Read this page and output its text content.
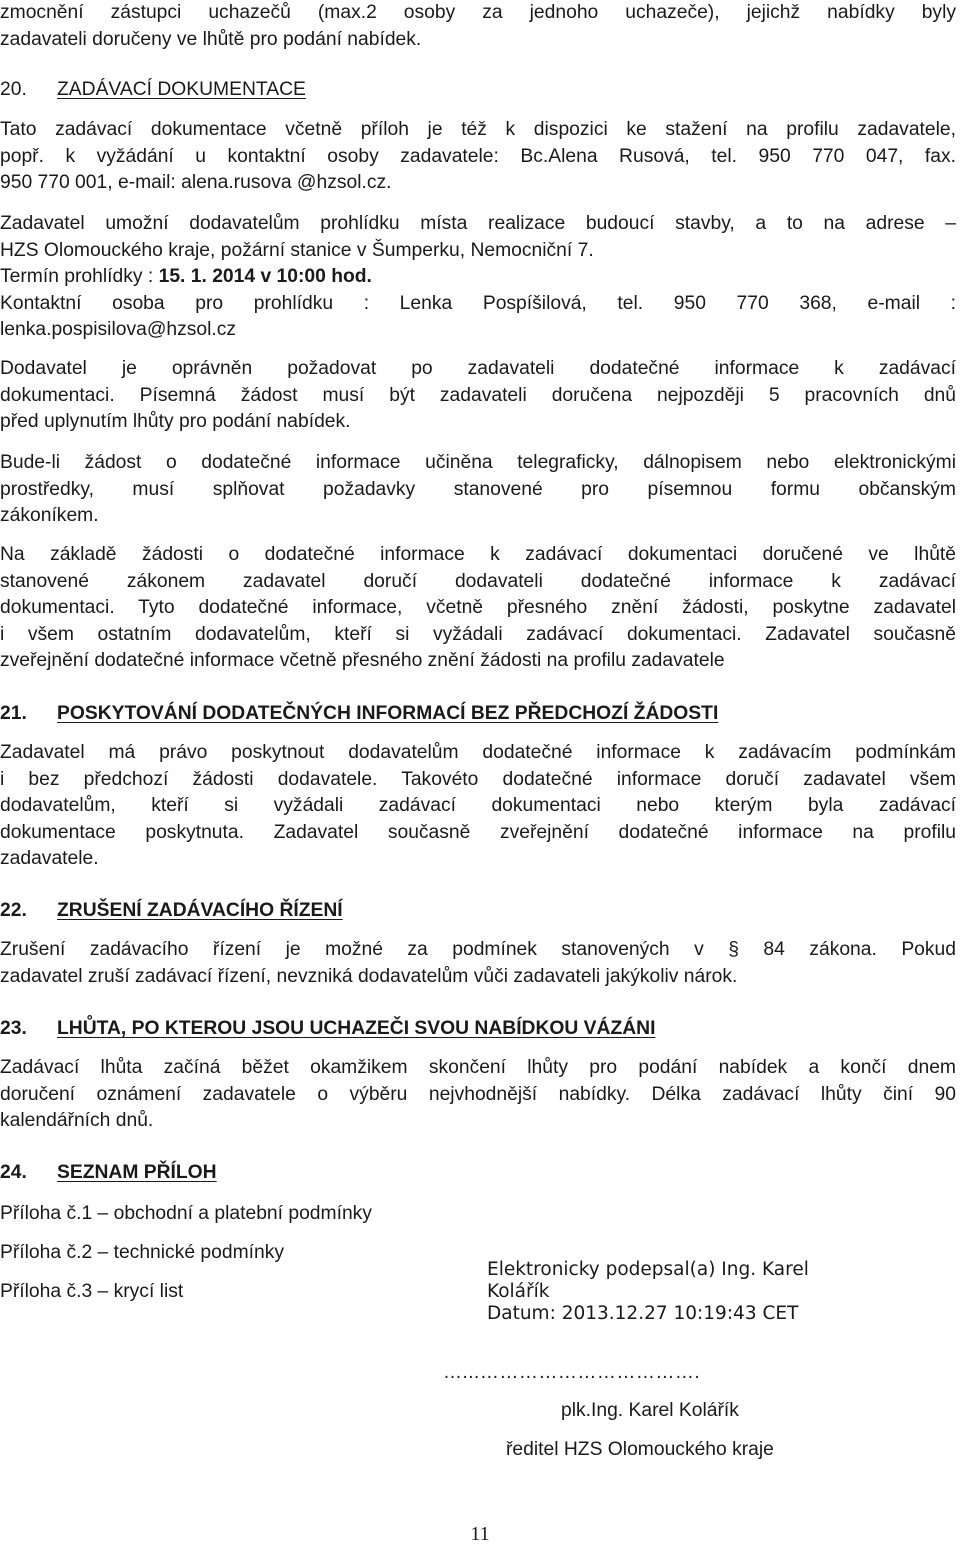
zmocnění zástupci uchazečů (max.2 osoby za jednoho uchazeče), jejichž nabídky byly
zadavateli doručeny ve lhůtě pro podání nabídek.
20. ZADÁVACÍ DOKUMENTACE
Tato zadávací dokumentace včetně příloh je též k dispozici ke stažení na profilu zadavatele,
popř. k vyžádání u kontaktní osoby zadavatele: Bc.Alena Rusová, tel. 950 770 047, fax.
950 770 001, e-mail: alena.rusova @hzsol.cz.
Zadavatel umožní dodavatelům prohlídku místa realizace budoucí stavby, a to na adrese –
HZS Olomouckého kraje, požární stanice v Šumperku, Nemocniční 7.
Termín prohlídky : 15. 1. 2014 v 10:00 hod.
Kontaktní osoba pro prohlídku : Lenka Pospíšilová, tel. 950 770 368, e-mail :
lenka.pospisilova@hzsol.cz
Dodavatel je oprávněn požadovat po zadavateli dodatečné informace k zadávací
dokumentaci. Písemná žádost musí být zadavateli doručena nejpozději 5 pracovních dnů
před uplynutím lhůty pro podání nabídek.
Bude-li žádost o dodatečné informace učiněna telegraficky, dálnopisem nebo elektronickými
prostředky, musí splňovat požadavky stanovené pro písemnou formu občanským
zákoníkem.
Na základě žádosti o dodatečné informace k zadávací dokumentaci doručené ve lhůtě
stanovené zákonem zadavatel doručí dodavateli dodatečné informace k zadávací
dokumentaci. Tyto dodatečné informace, včetně přesného znění žádosti, poskytne zadavatel
i všem ostatním dodavatelům, kteří si vyžádali zadávací dokumentaci. Zadavatel současně
zveřejnění dodatečné informace včetně přesného znění žádosti na profilu zadavatele
21. POSKYTOVÁNÍ DODATEČNÝCH INFORMACÍ BEZ PŘEDCHOZÍ ŽÁDOSTI
Zadavatel má právo poskytnout dodavatelům dodatečné informace k zadávacím podmínkám
i bez předchozí žádosti dodavatele. Takovéto dodatečné informace doručí zadavatel všem
dodavatelům, kteří si vyžádali zadávací dokumentaci nebo kterým byla zadávací
dokumentace poskytnuta. Zadavatel současně zveřejnění dodatečné informace na profilu
zadavatele.
22. ZRUŠENÍ ZADÁVACÍHO ŘÍZENÍ
Zrušení zadávacího řízení je možné za podmínek stanovených v § 84 zákona. Pokud
zadavatel zruší zadávací řízení, nevzniká dodavatelům vůči zadavateli jakýkoliv nárok.
23. LHŮTA, PO KTEROU JSOU UCHAZEČI SVOU NABÍDKOU VÁZÁNI
Zadávací lhůta začíná běžet okamžikem skončení lhůty pro podání nabídek a končí dnem
doručení oznámení zadavatele o výběru nejvhodnější nabídky. Délka zadávací lhůty činí 90
kalendářních dnů.
24. SEZNAM PŘÍLOH
Příloha č.1 – obchodní a platební podmínky
Příloha č.2 – technické podmínky
Příloha č.3 – krycí list
Elektronicky podepsal(a) Ing. Karel
Kolářík
Datum: 2013.12.27 10:19:43 CET
…...…………………………….
plk.Ing. Karel Kolářík
ředitel HZS Olomouckého kraje
11
